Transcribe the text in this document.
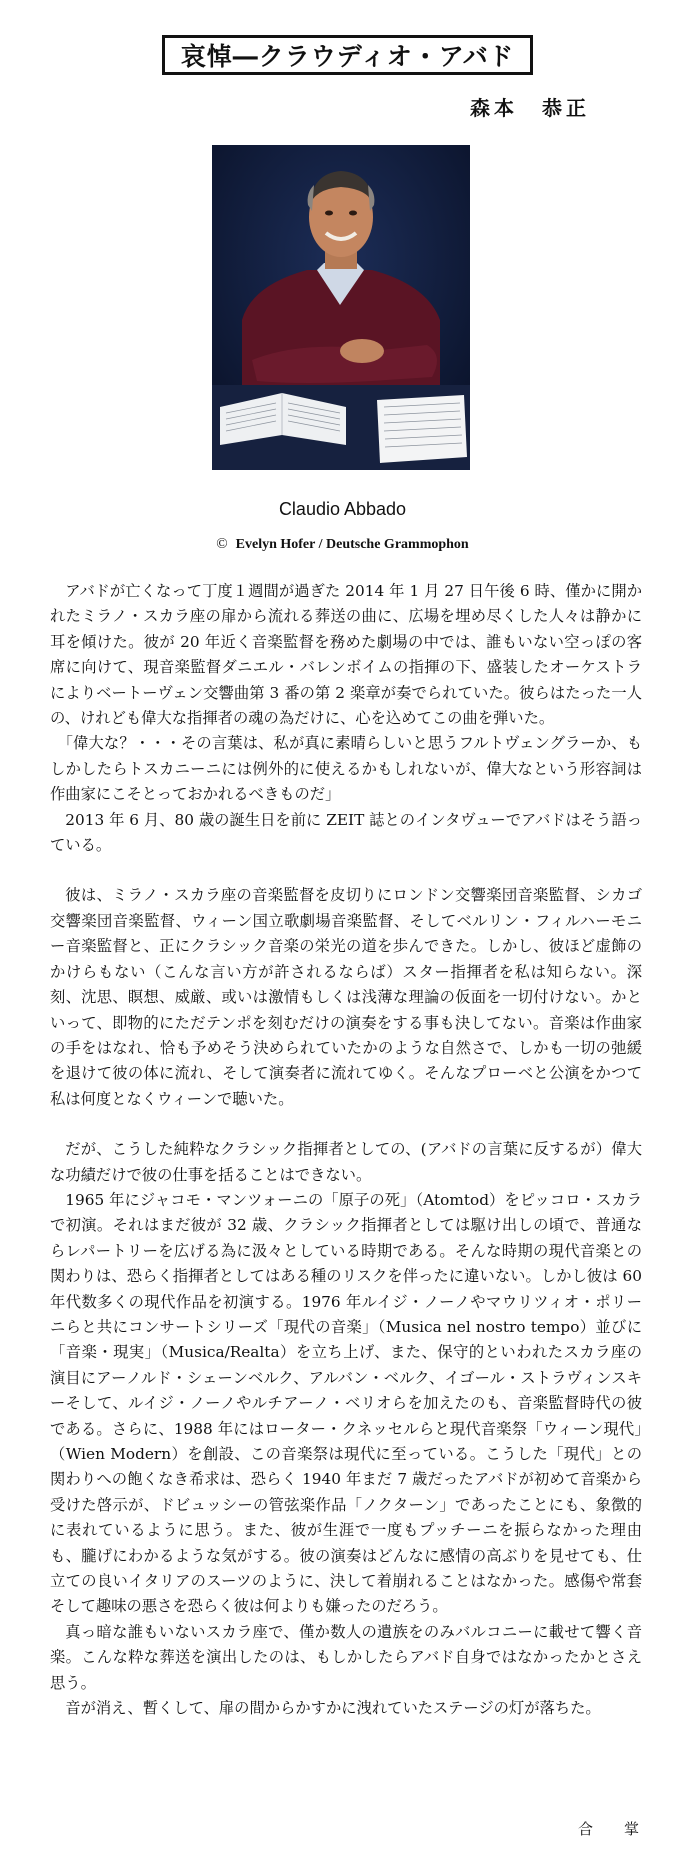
哀悼―クラウディオ・アバド
森本　恭正
Claudio Abbado
© Evelyn Hofer / Deutsche Grammophon

アバドが亡くなって丁度１週間が過ぎた 2014 年 1 月 27 日午後 6 時、僅かに開かれたミラノ・スカラ座の扉から流れる葬送の曲に、広場を埋め尽くした人々は静かに耳を傾けた。彼が 20 年近く音楽監督を務めた劇場の中では、誰もいない空っぽの客席に向けて、現音楽監督ダニエル・バレンボイムの指揮の下、盛装したオーケストラによりベートーヴェン交響曲第 3 番の第 2 楽章が奏でられていた。彼らはたった一人の、けれども偉大な指揮者の魂の為だけに、心を込めてこの曲を弾いた。

「偉大な？・・・その言葉は、私が真に素晴らしいと思うフルトヴェングラーか、もしかしたらトスカニーニには例外的に使えるかもしれないが、偉大なという形容詞は作曲家にこそとっておかれるべきものだ」

2013 年 6 月、80 歳の誕生日を前に ZEIT 誌とのインタヴューでアバドはそう語っている。

彼は、ミラノ・スカラ座の音楽監督を皮切りにロンドン交響楽団音楽監督、シカゴ交響楽団音楽監督、ウィーン国立歌劇場音楽監督、そしてベルリン・フィルハーモニー音楽監督と、正にクラシック音楽の栄光の道を歩んできた。しかし、彼ほど虚飾のかけらもない（こんな言い方が許されるならば）スター指揮者を私は知らない。深刻、沈思、瞑想、威厳、或いは激情もしくは浅薄な理論の仮面を一切付けない。かといって、即物的にただテンポを刻むだけの演奏をする事も決してない。音楽は作曲家の手をはなれ、恰も予めそう決められていたかのような自然さで、しかも一切の弛緩を退けて彼の体に流れ、そして演奏者に流れてゆく。そんなプローベと公演をかつて私は何度となくウィーンで聴いた。

だが、こうした純粋なクラシック指揮者としての、(アバドの言葉に反するが）偉大な功績だけで彼の仕事を括ることはできない。

1965 年にジャコモ・マンツォーニの「原子の死」（Atomtod）をピッコロ・スカラで初演。それはまだ彼が 32 歳、クラシック指揮者としては駆け出しの頃で、普通ならレパートリーを広げる為に汲々としている時期である。そんな時期の現代音楽との関わりは、恐らく指揮者としてはある種のリスクを伴ったに違いない。しかし彼は 60 年代数多くの現代作品を初演する。1976 年ルイジ・ノーノやマウリツィオ・ポリーニらと共にコンサートシリーズ「現代の音楽」（Musica nel nostro tempo）並びに「音楽・現実」（Musica/Realta）を立ち上げ、また、保守的といわれたスカラ座の演目にアーノルド・シェーンベルク、アルバン・ベルク、イゴール・ストラヴィンスキーそして、ルイジ・ノーノやルチアーノ・ベリオらを加えたのも、音楽監督時代の彼である。さらに、1988 年にはローター・クネッセルらと現代音楽祭「ウィーン現代」（Wien Modern）を創設、この音楽祭は現代に至っている。こうした「現代」との関わりへの飽くなき希求は、恐らく 1940 年まだ 7 歳だったアバドが初めて音楽から受けた啓示が、ドビュッシーの管弦楽作品「ノクターン」であったことにも、象徴的に表れているように思う。また、彼が生涯で一度もプッチーニを振らなかった理由も、朧げにわかるような気がする。彼の演奏はどんなに感情の高ぶりを見せても、仕立ての良いイタリアのスーツのように、決して着崩れることはなかった。感傷や常套そして趣味の悪さを恐らく彼は何よりも嫌ったのだろう。

真っ暗な誰もいないスカラ座で、僅か数人の遺族をのみバルコニーに載せて響く音楽。こんな粋な葬送を演出したのは、もしかしたらアバド自身ではなかったかとさえ思う。

音が消え、暫くして、扉の間からかすかに洩れていたステージの灯が落ちた。

合　掌
